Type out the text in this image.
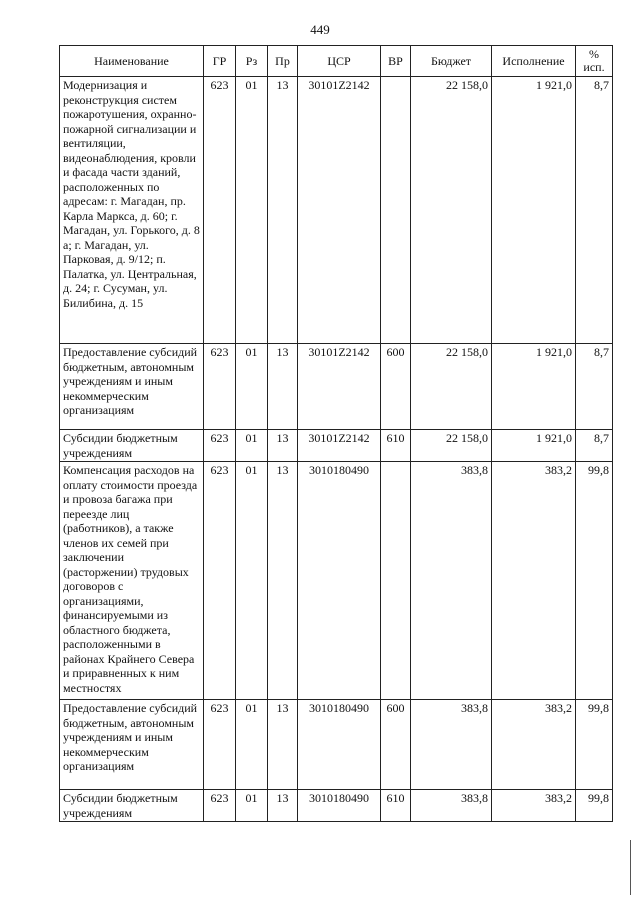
449
Наименование	ГР	Рз	Пр	ЦСР	ВР	Бюджет	Исполнение	%
исп.
Модернизация и реконструкция систем пожаротушения, охранно-пожарной сигнализации и вентиляции, видеонаблюдения, кровли и фасада части зданий, расположенных по адресам: г. Магадан, пр. Карла Маркса, д. 60; г. Магадан, ул. Горького, д. 8 а; г. Магадан, ул. Парковая, д. 9/12; п. Палатка, ул. Центральная, д. 24; г. Сусуман, ул. Билибина, д. 15	623	01	13	30101Z2142		22 158,0	1 921,0	8,7
Предоставление субсидий бюджетным, автономным учреждениям и иным некоммерческим организациям	623	01	13	30101Z2142	600	22 158,0	1 921,0	8,7
Субсидии бюджетным учреждениям	623	01	13	30101Z2142	610	22 158,0	1 921,0	8,7
Компенсация расходов на оплату стоимости проезда и провоза багажа при переезде лиц (работников), а также членов их семей при заключении (расторжении) трудовых договоров с организациями, финансируемыми из областного бюджета, расположенными в районах Крайнего Севера и приравненных к ним местностях	623	01	13	3010180490		383,8	383,2	99,8
Предоставление субсидий бюджетным, автономным учреждениям и иным некоммерческим организациям	623	01	13	3010180490	600	383,8	383,2	99,8
Субсидии бюджетным учреждениям	623	01	13	3010180490	610	383,8	383,2	99,8
